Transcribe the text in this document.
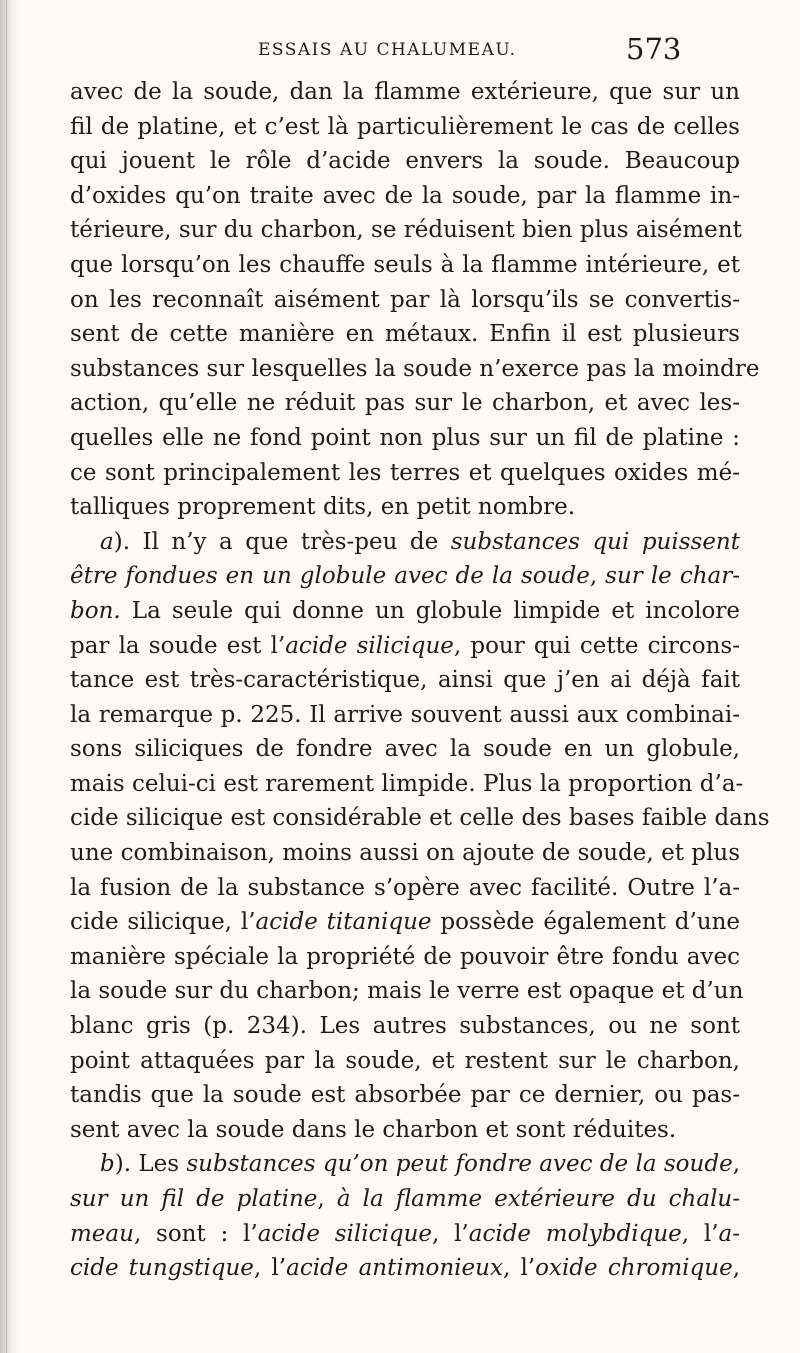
ESSAIS AU CHALUMEAU.	573
avec de la soude, dan la flamme extérieure, que sur un
fil de platine, et c’est là particulièrement le cas de celles
qui jouent le rôle d’acide envers la soude. Beaucoup
d’oxides qu’on traite avec de la soude, par la flamme in-
térieure, sur du charbon, se réduisent bien plus aisément
que lorsqu’on les chauffe seuls à la flamme intérieure, et
on les reconnaît aisément par là lorsqu’ils se convertis-
sent de cette manière en métaux. Enfin il est plusieurs
substances sur lesquelles la soude n’exerce pas la moindre
action, qu’elle ne réduit pas sur le charbon, et avec les-
quelles elle ne fond point non plus sur un fil de platine :
ce sont principalement les terres et quelques oxides mé-
talliques proprement dits, en petit nombre.
a). Il n’y a que très-peu de substances qui puissent
être fondues en un globule avec de la soude, sur le char-
bon. La seule qui donne un globule limpide et incolore
par la soude est l’acide silicique, pour qui cette circons-
tance est très-caractéristique, ainsi que j’en ai déjà fait
la remarque p. 225. Il arrive souvent aussi aux combinai-
sons siliciques de fondre avec la soude en un globule,
mais celui-ci est rarement limpide. Plus la proportion d’a-
cide silicique est considérable et celle des bases faible dans
une combinaison, moins aussi on ajoute de soude, et plus
la fusion de la substance s’opère avec facilité. Outre l’a-
cide silicique, l’acide titanique possède également d’une
manière spéciale la propriété de pouvoir être fondu avec
la soude sur du charbon; mais le verre est opaque et d’un
blanc gris (p. 234). Les autres substances, ou ne sont
point attaquées par la soude, et restent sur le charbon,
tandis que la soude est absorbée par ce dernier, ou pas-
sent avec la soude dans le charbon et sont réduites.
b). Les substances qu’on peut fondre avec de la soude,
sur un fil de platine, à la flamme extérieure du chalu-
meau, sont : l’acide silicique, l’acide molybdique, l’a-
cide tungstique, l’acide antimonieux, l’oxide chromique,
